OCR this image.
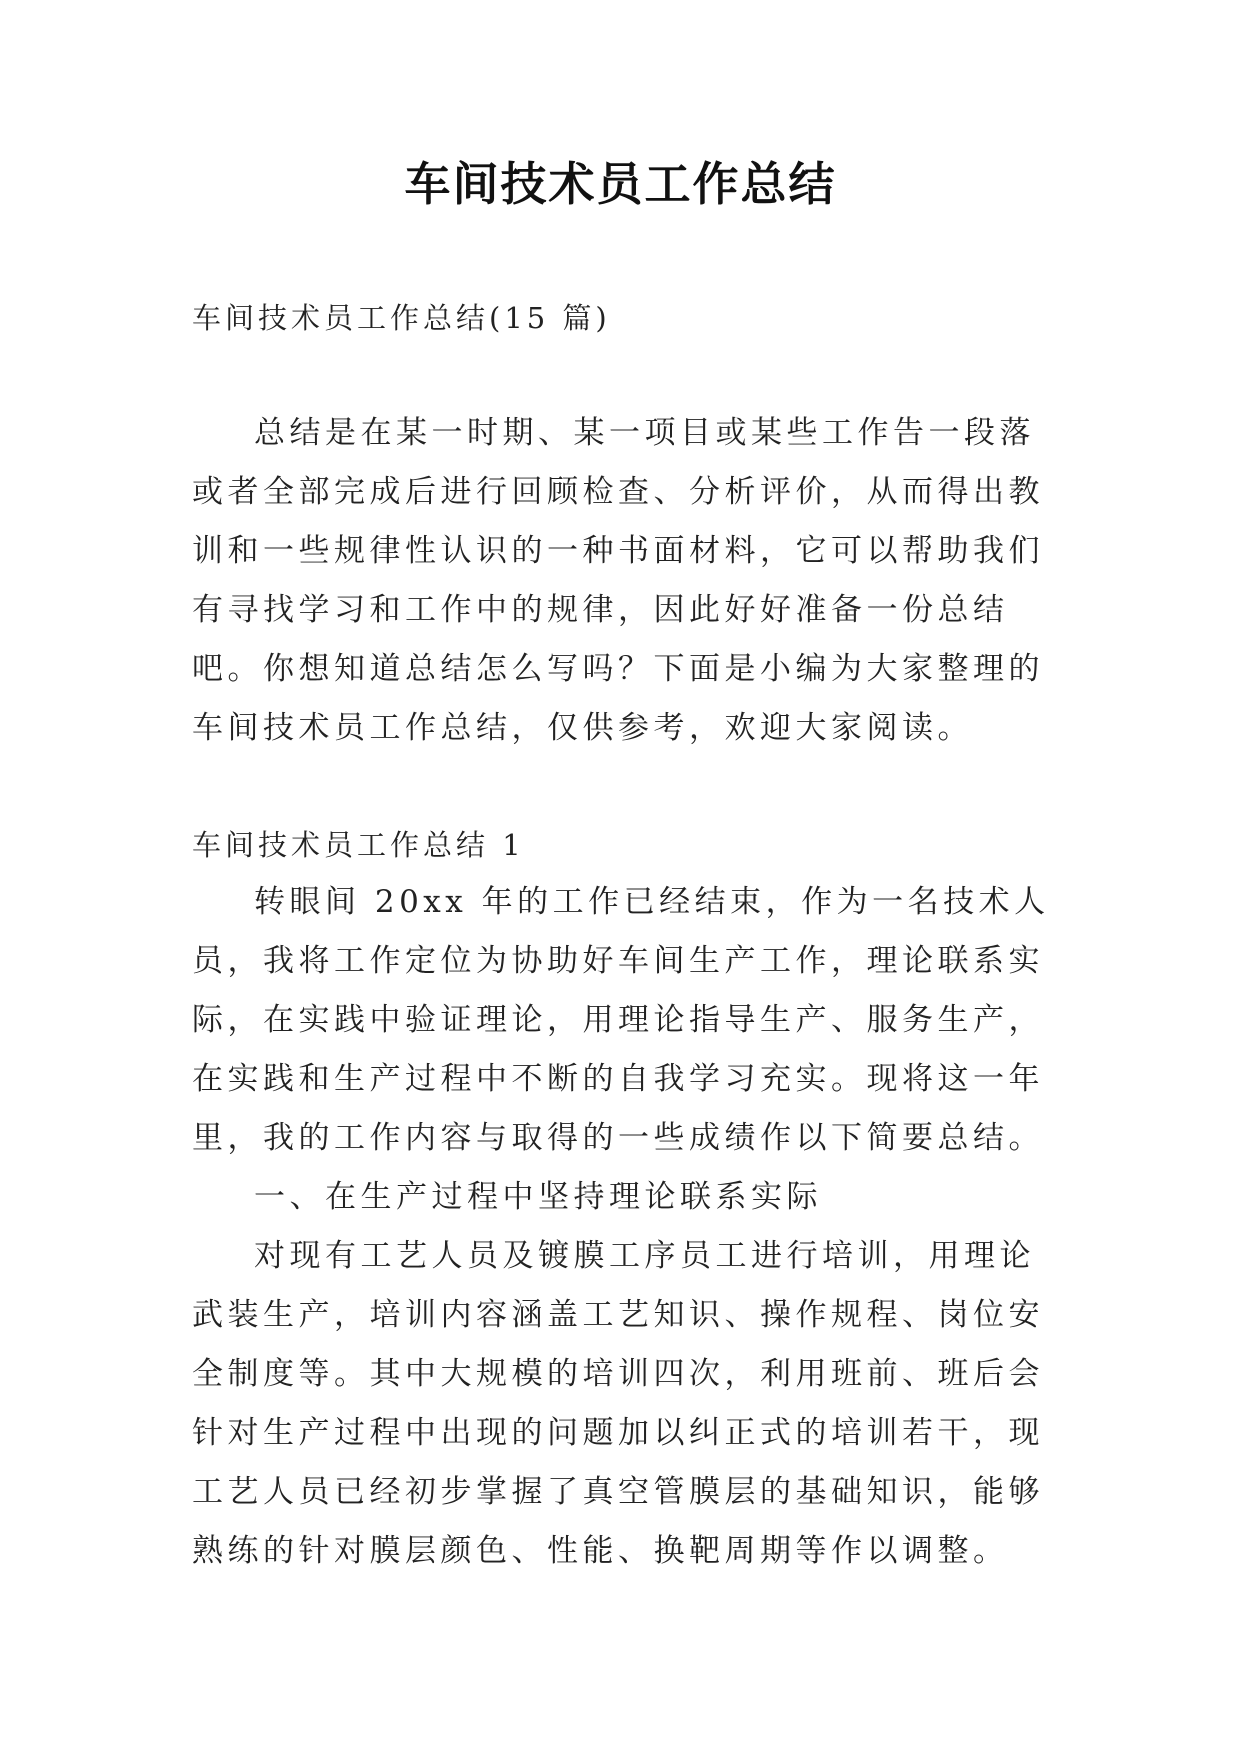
车间技术员工作总结

车间技术员工作总结(15 篇)

总结是在某一时期、某一项目或某些工作告一段落或者全部完成后进行回顾检查、分析评价，从而得出教训和一些规律性认识的一种书面材料，它可以帮助我们有寻找学习和工作中的规律，因此好好准备一份总结吧。你想知道总结怎么写吗？下面是小编为大家整理的车间技术员工作总结，仅供参考，欢迎大家阅读。

车间技术员工作总结 1

转眼间 20xx 年的工作已经结束，作为一名技术人员，我将工作定位为协助好车间生产工作，理论联系实际，在实践中验证理论，用理论指导生产、服务生产，在实践和生产过程中不断的自我学习充实。现将这一年里，我的工作内容与取得的一些成绩作以下简要总结。

一、在生产过程中坚持理论联系实际

对现有工艺人员及镀膜工序员工进行培训，用理论武装生产，培训内容涵盖工艺知识、操作规程、岗位安全制度等。其中大规模的培训四次，利用班前、班后会针对生产过程中出现的问题加以纠正式的培训若干，现工艺人员已经初步掌握了真空管膜层的基础知识，能够熟练的针对膜层颜色、性能、换靶周期等作以调整。
